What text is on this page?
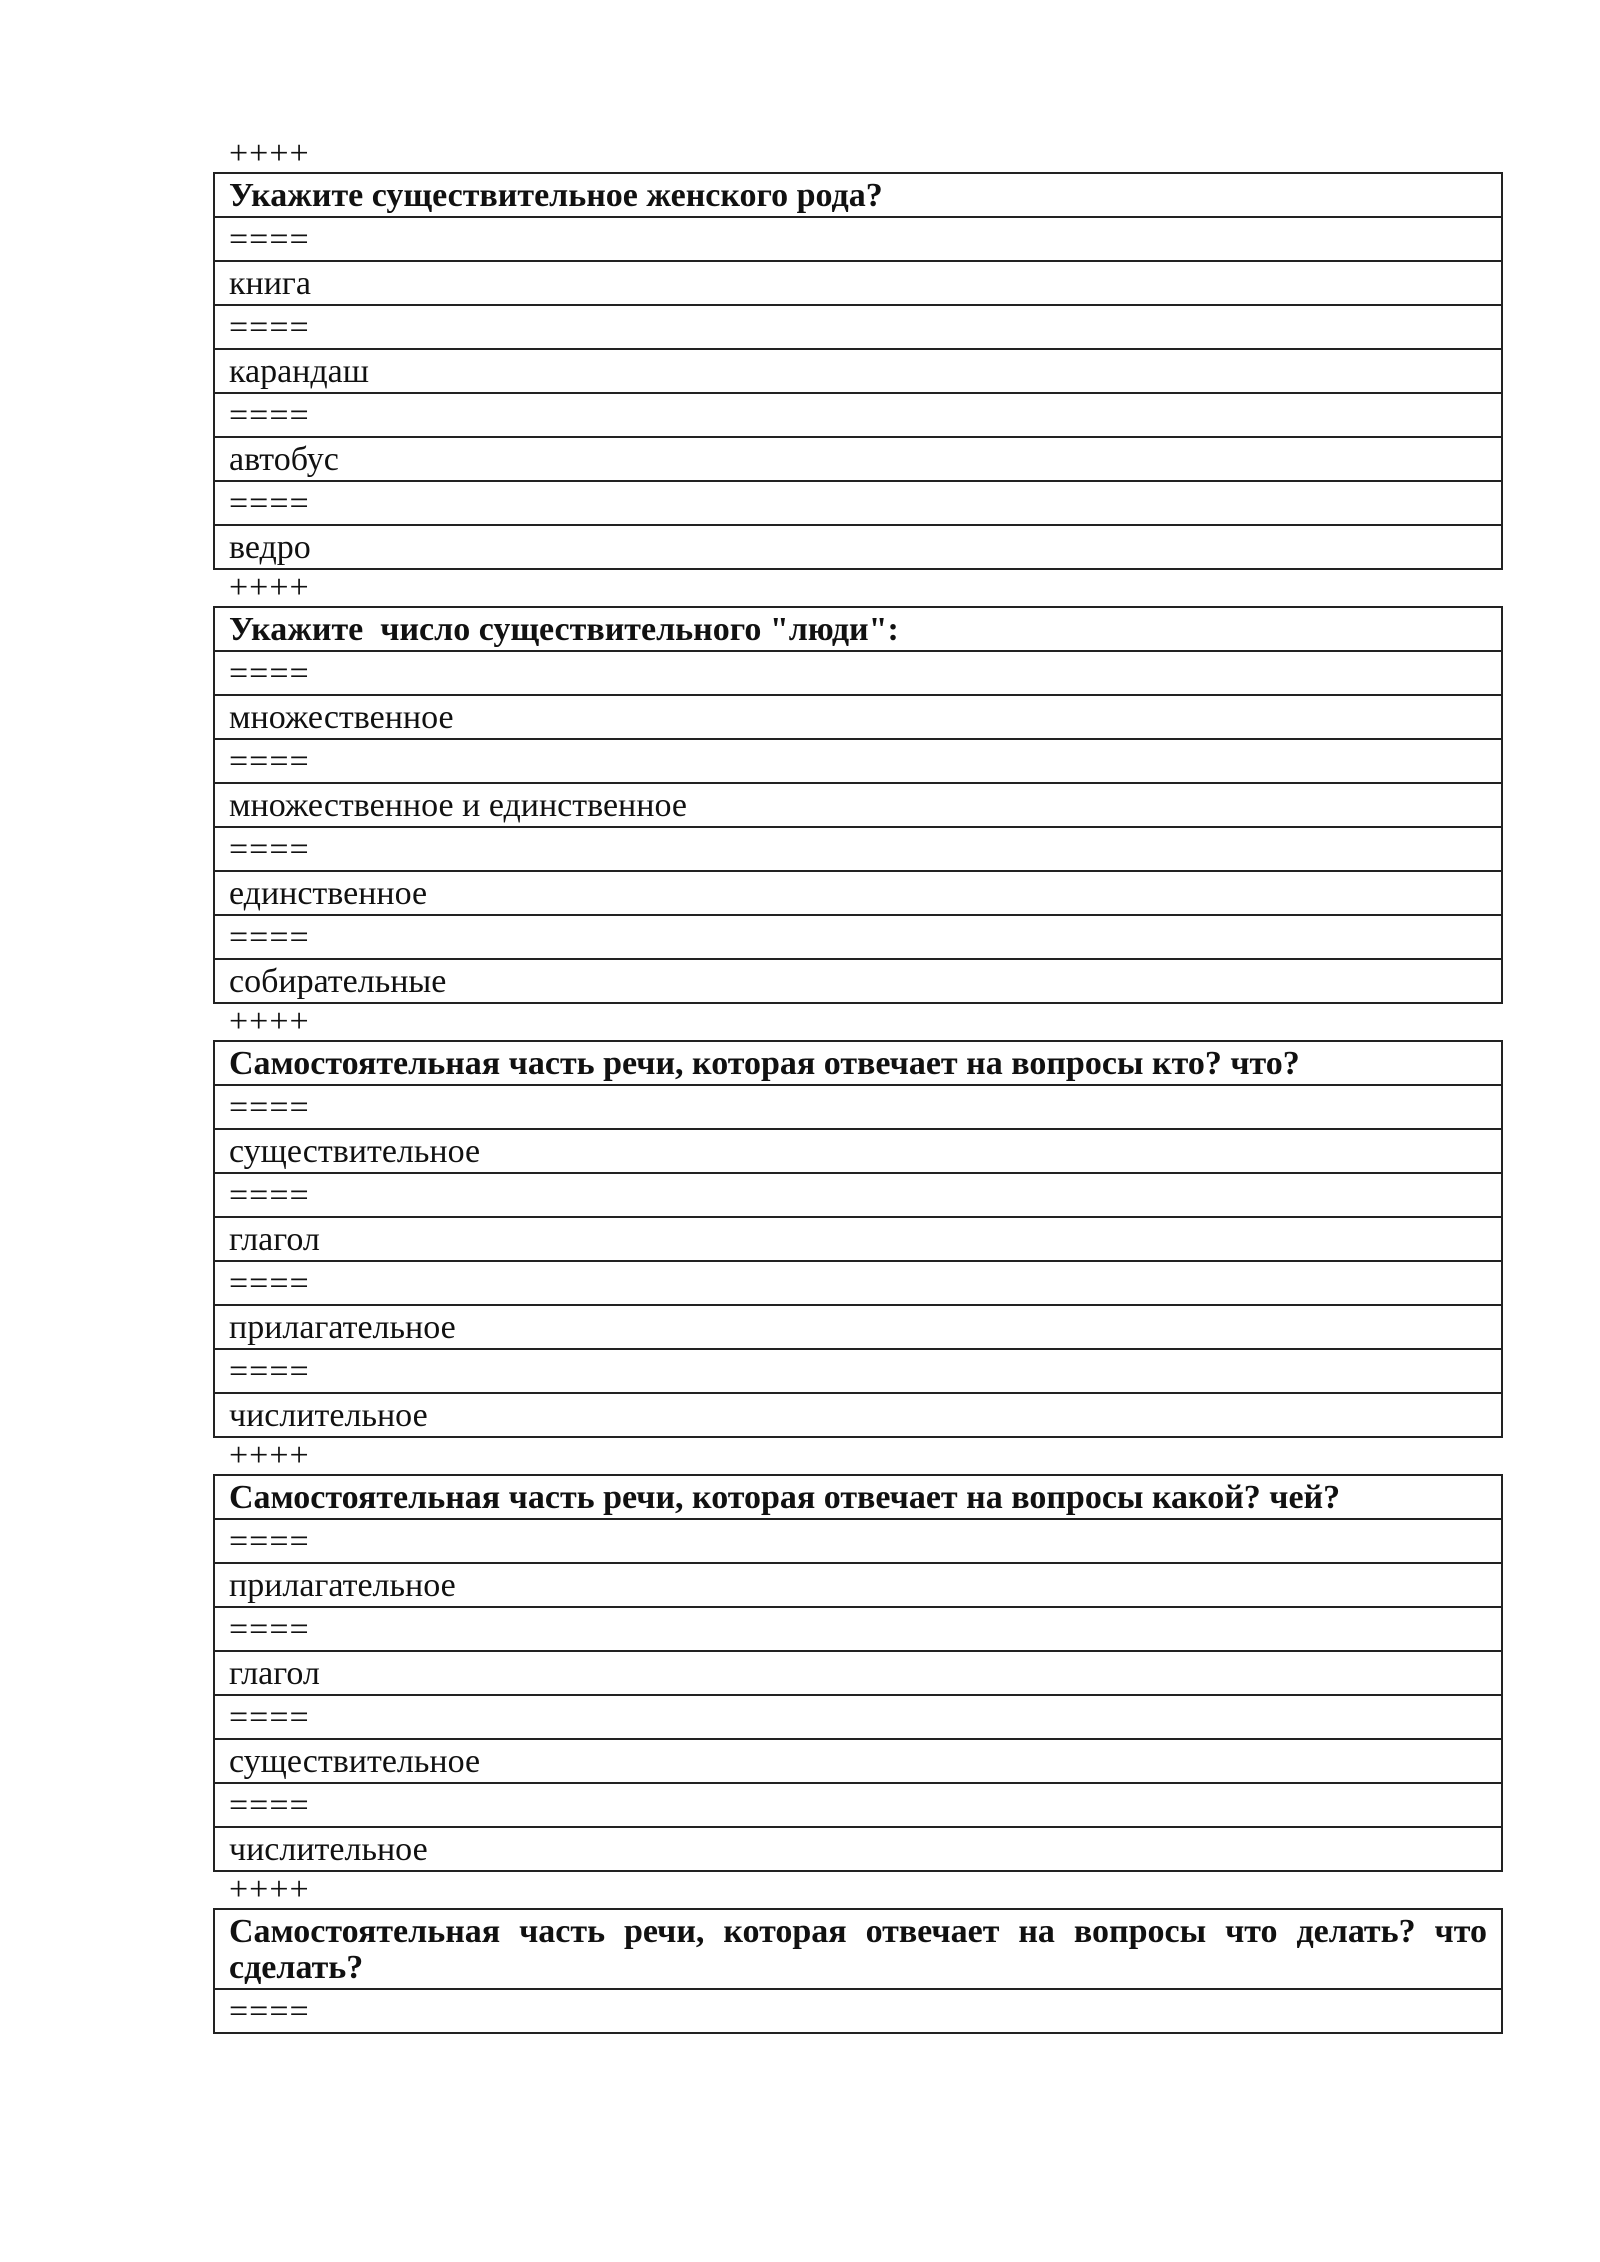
++++
Укажите существительное женского рода?
====
книга
====
карандаш
====
автобус
====
ведро
++++
Укажите  число существительного "люди":
====
множественное
====
множественное и единственное
====
единственное
====
собирательные
++++
Самостоятельная часть речи, которая отвечает на вопросы кто? что?
====
существительное
====
глагол
====
прилагательное
====
числительное
++++
Самостоятельная часть речи, которая отвечает на вопросы какой? чей?
====
прилагательное
====
глагол
====
существительное
====
числительное
++++
Самостоятельная часть речи, которая отвечает на вопросы что делать? что сделать?
====
